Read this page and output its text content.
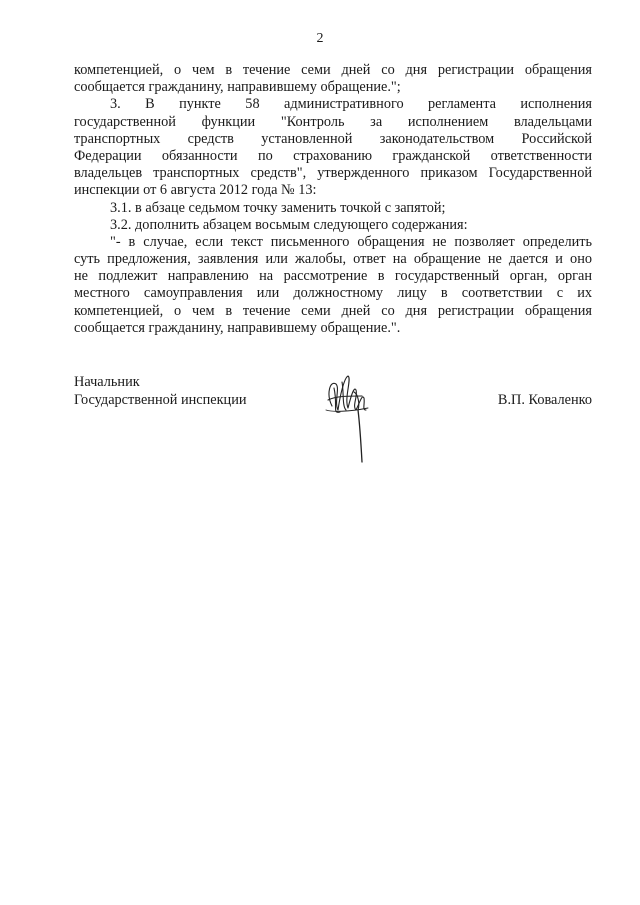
2
компетенцией, о чем в течение семи дней со дня регистрации обращения
сообщается гражданину, направившему обращение.";
3. В пункте 58 административного регламента исполнения
государственной функции "Контроль за исполнением владельцами
транспортных средств установленной законодательством Российской
Федерации обязанности по страхованию гражданской ответственности
владельцев транспортных средств", утвержденного приказом Государственной
инспекции от 6 августа 2012 года № 13:
3.1. в абзаце седьмом точку заменить точкой с запятой;
3.2. дополнить абзацем восьмым следующего содержания:
"- в случае, если текст письменного обращения не позволяет определить
суть предложения, заявления или жалобы, ответ на обращение не дается и оно
не подлежит направлению на рассмотрение в государственный орган, орган
местного самоуправления или должностному лицу в соответствии с их
компетенцией, о чем в течение семи дней со дня регистрации обращения
сообщается гражданину, направившему обращение.".
Начальник
Государственной инспекции	В.П. Коваленко
